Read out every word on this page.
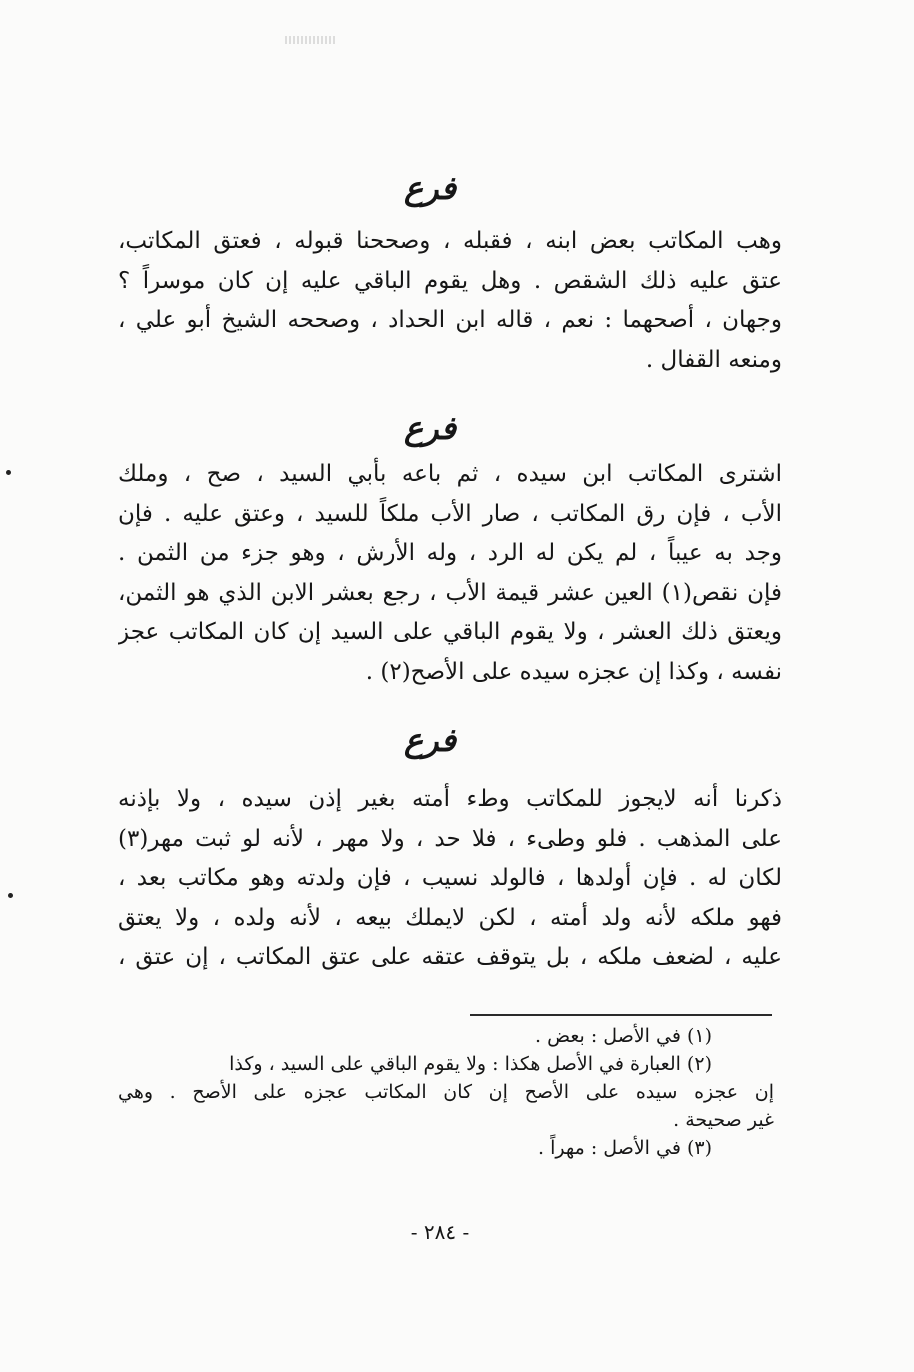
فرع
وهب المكاتب بعض ابنه ، فقبله ، وصححنا قبوله ، فعتق المكاتب،
عتق عليه ذلك الشقص . وهل يقوم الباقي عليه إن كان موسراً ؟
وجهان ، أصحهما : نعم ، قاله ابن الحداد ، وصححه الشيخ أبو علي ،
ومنعه القفال .
فرع
اشترى المكاتب ابن سيده ، ثم باعه بأبي السيد ، صح ، وملك
الأب ، فإن رق المكاتب ، صار الأب ملكاً للسيد ، وعتق عليه . فإن
وجد به عيباً ، لم يكن له الرد ، وله الأرش ، وهو جزء من الثمن .
فإن نقص(١) العين عشر قيمة الأب ، رجع بعشر الابن الذي هو الثمن،
ويعتق ذلك العشر ، ولا يقوم الباقي على السيد إن كان المكاتب عجز
نفسه ، وكذا إن عجزه سيده على الأصح(٢) .
فرع
ذكرنا أنه لايجوز للمكاتب وطء أمته بغير إذن سيده ، ولا بإذنه
على المذهب . فلو وطىء ، فلا حد ، ولا مهر ، لأنه لو ثبت مهر(٣)
لكان له . فإن أولدها ، فالولد نسيب ، فإن ولدته وهو مكاتب بعد ،
فهو ملكه لأنه ولد أمته ، لكن لايملك بيعه ، لأنه ولده ، ولا يعتق
عليه ، لضعف ملكه ، بل يتوقف عتقه على عتق المكاتب ، إن عتق ،
(١) في الأصل : بعض .
(٢) العبارة في الأصل هكذا : ولا يقوم الباقي على السيد ، وكذا
إن عجزه سيده على الأصح إن كان المكاتب عجزه على الأصح . وهي
غير صحيحة .
(٣) في الأصل : مهراً .
- ٢٨٤ -
